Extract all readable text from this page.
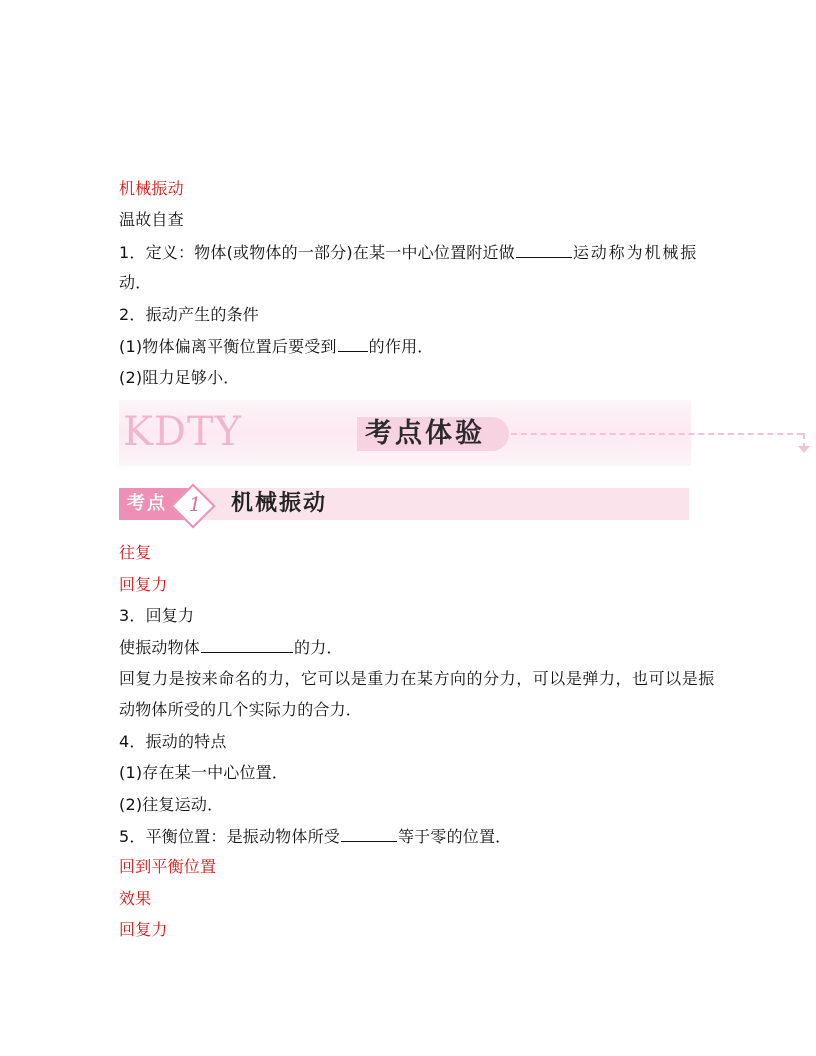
机械振动
温故自查
1．定义：物体(或物体的一部分)在某一中心位置附近做	运动称为机械振
动．
2．振动产生的条件
(1)物体偏离平衡位置后要受到 的作用．
(2)阻力足够小．
KDTY	考点体验
考点 1 机械振动
往复
回复力
3．回复力
使振动物体	的力．
回复力是按来命名的力，它可以是重力在某方向的分力，可以是弹力，也可以是振
动物体所受的几个实际力的合力．
4．振动的特点
(1)存在某一中心位置．
(2)往复运动．
5．平衡位置：是振动物体所受	等于零的位置．
回到平衡位置
效果
回复力
